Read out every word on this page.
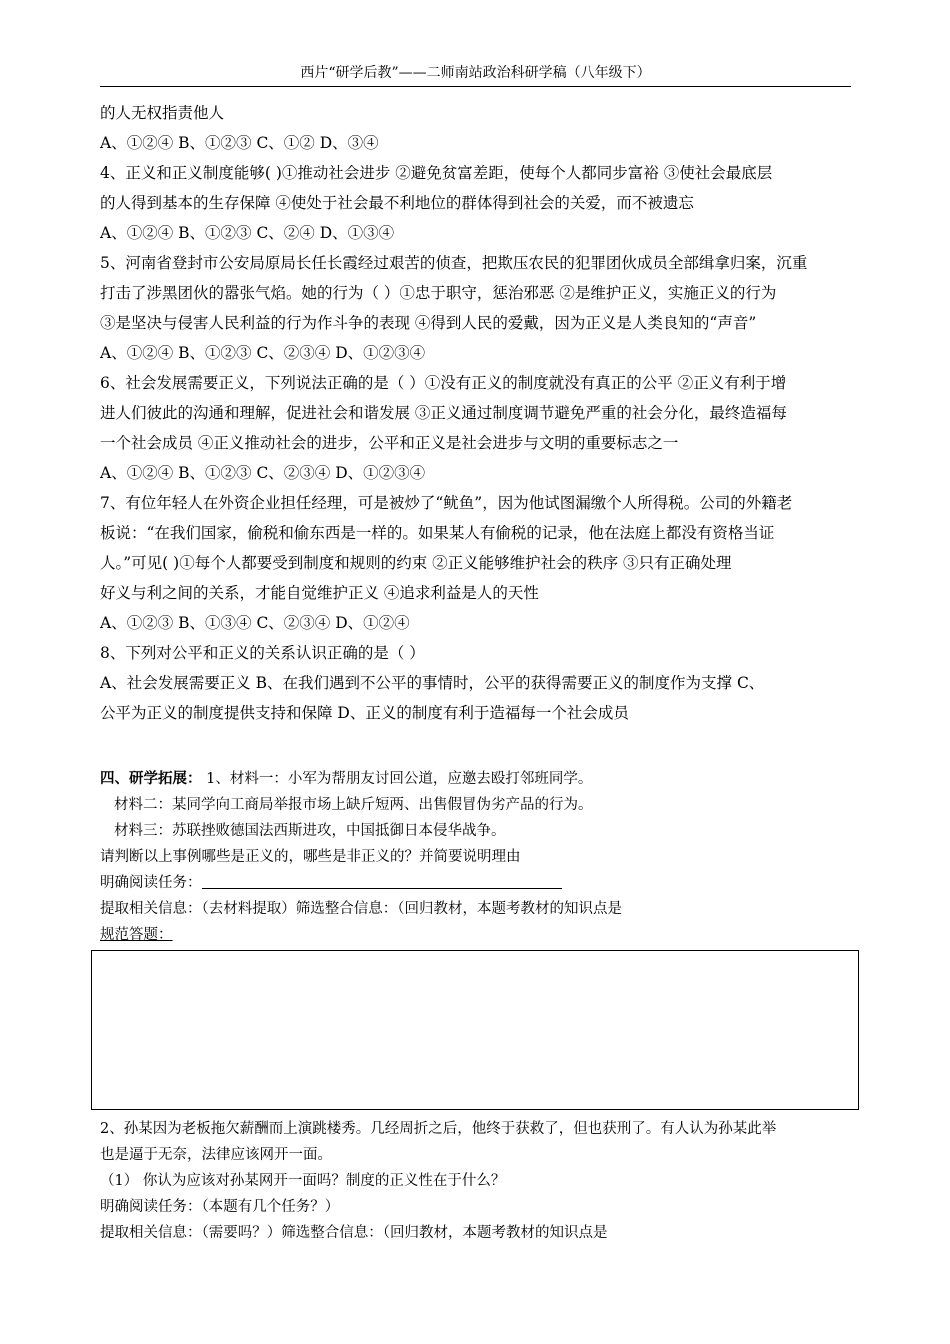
西片“研学后教”——二师南站政治科研学稿（八年级下）

的人无权指责他人

A、①②④ B、①②③ C、①② D、③④

4、正义和正义制度能够( )①推动社会进步 ②避免贫富差距，使每个人都同步富裕 ③使社会最底层

的人得到基本的生存保障 ④使处于社会最不利地位的群体得到社会的关爱，而不被遗忘

A、①②④ B、①②③ C、②④ D、①③④

5、河南省登封市公安局原局长任长霞经过艰苦的侦查，把欺压农民的犯罪团伙成员全部缉拿归案，沉重

打击了涉黑团伙的嚣张气焰。她的行为（ ）①忠于职守，惩治邪恶 ②是维护正义，实施正义的行为

③是坚决与侵害人民利益的行为作斗争的表现 ④得到人民的爱戴，因为正义是人类良知的“声音”

A、①②④ B、①②③ C、②③④ D、①②③④

6、社会发展需要正义，下列说法正确的是（ ）①没有正义的制度就没有真正的公平 ②正义有利于增

进人们彼此的沟通和理解，促进社会和谐发展 ③正义通过制度调节避免严重的社会分化，最终造福每

一个社会成员 ④正义推动社会的进步，公平和正义是社会进步与文明的重要标志之一

A、①②④ B、①②③ C、②③④ D、①②③④

7、有位年轻人在外资企业担任经理，可是被炒了“鱿鱼”，因为他试图漏缴个人所得税。公司的外籍老

板说：“在我们国家，偷税和偷东西是一样的。如果某人有偷税的记录，他在法庭上都没有资格当证

人。”可见( )①每个人都要受到制度和规则的约束 ②正义能够维护社会的秩序 ③只有正确处理

好义与利之间的关系，才能自觉维护正义 ④追求利益是人的天性

A、①②③ B、①③④ C、②③④ D、①②④

8、下列对公平和正义的关系认识正确的是（ ）

A、社会发展需要正义 B、在我们遇到不公平的事情时，公平的获得需要正义的制度作为支撑 C、

公平为正义的制度提供支持和保障 D、正义的制度有利于造福每一个社会成员

四、研学拓展： 1、材料一：小军为帮朋友讨回公道，应邀去殴打邻班同学。

材料二：某同学向工商局举报市场上缺斤短两、出售假冒伪劣产品的行为。

材料三：苏联挫败德国法西斯进攻，中国抵御日本侵华战争。

请判断以上事例哪些是正义的，哪些是非正义的？并简要说明理由

明确阅读任务：

提取相关信息：（去材料提取）筛选整合信息：（回归教材，本题考教材的知识点是

规范答题：

2、孙某因为老板拖欠薪酬而上演跳楼秀。几经周折之后，他终于获救了，但也获刑了。有人认为孙某此举

也是逼于无奈，法律应该网开一面。

（1） 你认为应该对孙某网开一面吗？制度的正义性在于什么？

明确阅读任务：（本题有几个任务？）

提取相关信息：（需要吗？）筛选整合信息：（回归教材，本题考教材的知识点是
